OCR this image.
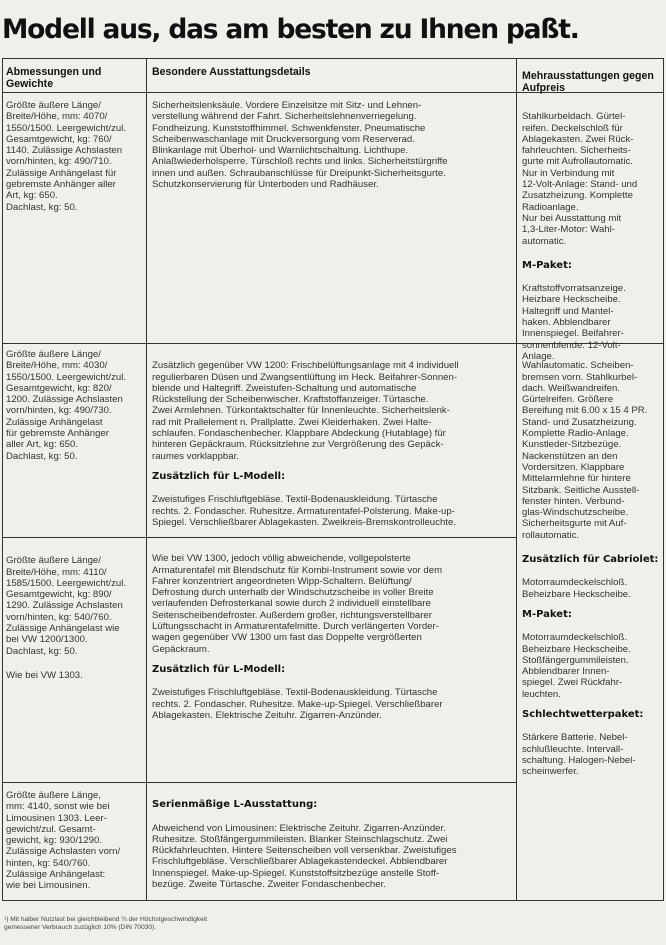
Modell aus, das am besten zu Ihnen paßt.
Abmessungen und Gewichte
Besondere Ausstattungsdetails	Mehrausstattungen gegen Aufpreis
Größte äußere Länge/
Breite/Höhe, mm: 4070/
1550/1500. Leergewicht/zul.
Gesamtgewicht, kg: 760/
1140. Zulässige Achslasten
vorn/hinten, kg: 490/710.
Zulässige Anhängelast für
gebremste Anhänger aller
Art, kg: 650.
Dachlast, kg: 50.
Sicherheitslenksäule. Vordere Einzelsitze mit Sitz- und Lehnen-
verstellung während der Fahrt. Sicherheitslehnenverriegelung.
Fondheizung. Kunststoffhimmel. Schwenkfenster. Pneumatische
Scheibenwaschanlage mit Druckversorgung vom Reserverad.
Blinkanlage mit Überhol- und Warnlichtschaltung. Lichthupe.
Anlaßwiederholsperre. Türschloß rechts und links. Sicherheitstürgriffe
innen und außen. Schraubanschlüsse für Dreipunkt-Sicherheitsgurte.
Schutzkonservierung für Unterboden und Radhäuser.

Stahlkurbeldach. Gürtel-
reifen. Deckelschloß für
Ablagekasten. Zwei Rück-
fahrleuchten. Sicherheits-
gurte mit Aufrollautomatic.
Nur in Verbindung mit
12-Volt-Anlage: Stand- und
Zusatzheizung. Komplette
Radioanlage.
Nur bei Ausstattung mit
1,3-Liter-Motor: Wahl-
automatic.

M-Paket:

Kraftstoffvorratsanzeige.
Heizbare Heckscheibe.
Haltegriff und Mantel-
haken. Abblendbarer
Innenspiegel. Beifahrer-
sonnenblende. 12-Volt-
Anlage.

Größte äußere Länge/
Breite/Höhe, mm: 4030/
1550/1500. Leergewicht/zul.
Gesamtgewicht, kg: 820/
1200. Zulässige Achslasten
vorn/hinten, kg: 490/730.
Zulässige Anhängelast
für gebremste Anhänger
aller Art, kg: 650.
Dachlast, kg: 50.

Zusätzlich gegenüber VW 1200: Frischbelüftungsanlage mit 4 individuell
regulierbaren Düsen und Zwangsentlüftung im Heck. Beifahrer-Sonnen-
blende und Haltegriff. Zweistufen-Schaltung und automatische
Rückstellung der Scheibenwischer. Kraftstoffanzeiger. Türtasche.
Zwei Armlehnen. Türkontaktschalter für Innenleuchte. Sicherheitslenk-
rad mit Prallelement n. Prallplatte. Zwei Kleiderhaken. Zwei Halte-
schlaufen. Fondaschenbecher. Klappbare Abdeckung (Hutablage) für
hinteren Gepäckraum. Rücksitzlehne zur Vergrößerung des Gepäck-
raumes vorklappbar.

Zusätzlich für L-Modell:

Zweistufiges Frischluftgebläse. Textil-Bodenauskleidung. Türtasche
rechts. 2. Fondascher. Ruhesitze. Armaturentafel-Polsterung. Make-up-
Spiegel. Verschließbarer Ablagekasten. Zweikreis-Bremskontrolleuchte.

Wahlautomatic. Scheiben-
bremsen vorn. Stahlkurbel-
dach. Weißwandreifen.
Gürtelreifen. Größere
Bereifung mit 6.00 x 15 4 PR.
Stand- und Zusatzheizung.
Komplette Radio-Anlage.
Kunstleder-Sitzbezüge.
Nackenstützen an den
Vordersitzen. Klappbare
Mittelarmlehne für hintere
Sitzbank. Seitliche Ausstell-
fenster hinten. Verbund-
glas-Windschutzscheibe.
Sicherheitsgurte mit Auf-
rollautomatic.

Zusätzlich für Cabriolet:

Motorraumdeckelschloß.
Beheizbare Heckscheibe.

M-Paket:

Motorraumdeckelschloß.
Beheizbare Heckscheibe.
Stoßfängergummileisten.
Abblendbarer Innen-
spiegel. Zwei Rückfahr-
leuchten.

Schlechtwetterpaket:

Stärkere Batterie. Nebel-
schlußleuchte. Intervall-
schaltung. Halogen-Nebel-
scheinwerfer.

Größte äußere Länge/
Breite/Höhe, mm: 4110/
1585/1500. Leergewicht/zul.
Gesamtgewicht, kg: 890/
1290. Zulässige Achslasten
vorn/hinten, kg: 540/760.
Zulässige Anhängelast wie
bei VW 1200/1300.
Dachlast, kg: 50.

Wie bei VW 1303.

Wie bei VW 1300, jedoch völlig abweichende, vollgepolsterte
Armaturentafel mit Blendschutz für Kombi-Instrument sowie vor dem
Fahrer konzentriert angeordneten Wipp-Schaltern. Belüftung/
Defrostung durch unterhalb der Windschutzscheibe in voller Breite
verlaufenden Defrosterkanal sowie durch 2 individuell einstellbare
Seitenscheibendefroster. Außerdem großer, richtungsverstellbarer
Lüftungsschacht in Armaturentafelmitte. Durch verlängerten Vorder-
wagen gegenüber VW 1300 um fast das Doppelte vergrößerten
Gepäckraum.

Zusätzlich für L-Modell:

Zweistufiges Frischluftgebläse. Textil-Bodenauskleidung. Türtasche
rechts. 2. Fondascher. Ruhesitze. Make-up-Spiegel. Verschließbarer
Ablagekasten. Elektrische Zeituhr. Zigarren-Anzünder.

Größte äußere Länge,
mm: 4140, sonst wie bei
Limousinen 1303. Leer-
gewicht/zul. Gesamt-
gewicht, kg: 930/1290.
Zulässige Achslasten vorn/
hinten, kg: 540/760.
Zulässige Anhängelast:
wie bei Limousinen.

Serienmäßige L-Ausstattung:

Abweichend von Limousinen: Elektrische Zeituhr. Zigarren-Anzünder.
Ruhesitze. Stoßfängergummileisten. Blanker Steinschlagschutz. Zwei
Rückfahrleuchten. Hintere Seitenscheiben voll versenkbar. Zweistufiges
Frischluftgebläse. Verschließbarer Ablagekastendeckel. Abblendbarer
Innenspiegel. Make-up-Spiegel. Kunststoffsitzbezüge anstelle Stoff-
bezüge. Zweite Türtasche. Zweiter Fondaschenbecher.

¹) Mit halber Nutzlast bei gleichbleibend ¾ der Höchstgeschwindigkeit
gemessener Verbrauch zuzüglich 10% (DIN 70030).
